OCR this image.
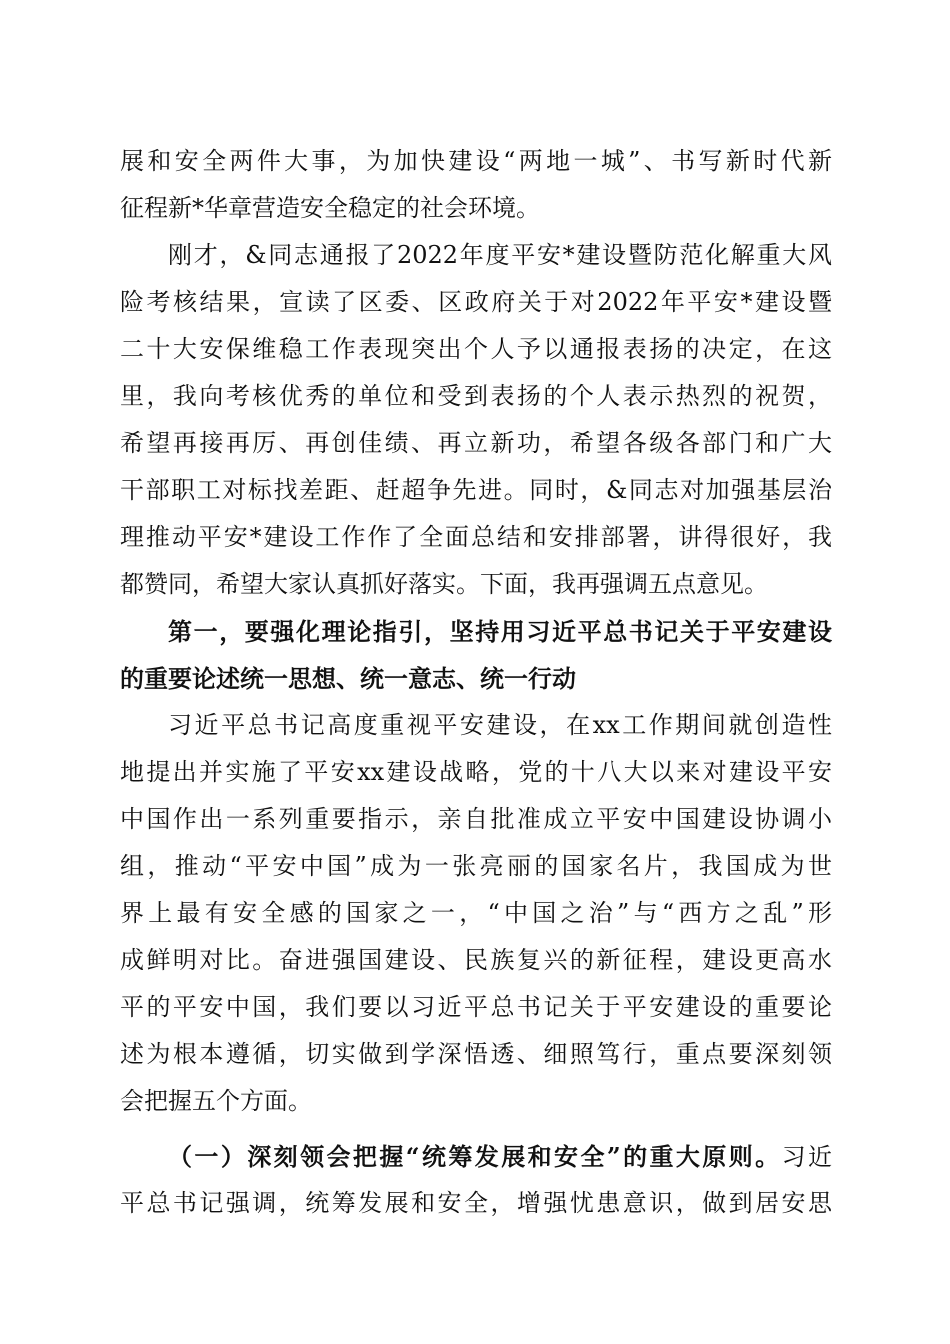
展和安全两件大事，为加快建设“两地一城”、书写新时代新
征程新*华章营造安全稳定的社会环境。
刚才，&同志通报了2022年度平安*建设暨防范化解重大风
险考核结果，宣读了区委、区政府关于对2022年平安*建设暨
二十大安保维稳工作表现突出个人予以通报表扬的决定，在这
里，我向考核优秀的单位和受到表扬的个人表示热烈的祝贺，
希望再接再厉、再创佳绩、再立新功，希望各级各部门和广大
干部职工对标找差距、赶超争先进。同时，&同志对加强基层治
理推动平安*建设工作作了全面总结和安排部署，讲得很好，我
都赞同，希望大家认真抓好落实。下面，我再强调五点意见。
第一，要强化理论指引，坚持用习近平总书记关于平安建设
的重要论述统一思想、统一意志、统一行动
习近平总书记高度重视平安建设，在xx工作期间就创造性
地提出并实施了平安xx建设战略，党的十八大以来对建设平安
中国作出一系列重要指示，亲自批准成立平安中国建设协调小
组，推动“平安中国”成为一张亮丽的国家名片，我国成为世
界上最有安全感的国家之一，“中国之治”与“西方之乱”形
成鲜明对比。奋进强国建设、民族复兴的新征程，建设更高水
平的平安中国，我们要以习近平总书记关于平安建设的重要论
述为根本遵循，切实做到学深悟透、细照笃行，重点要深刻领
会把握五个方面。
（一）深刻领会把握“统筹发展和安全”的重大原则。习近
平总书记强调，统筹发展和安全，增强忧患意识，做到居安思
